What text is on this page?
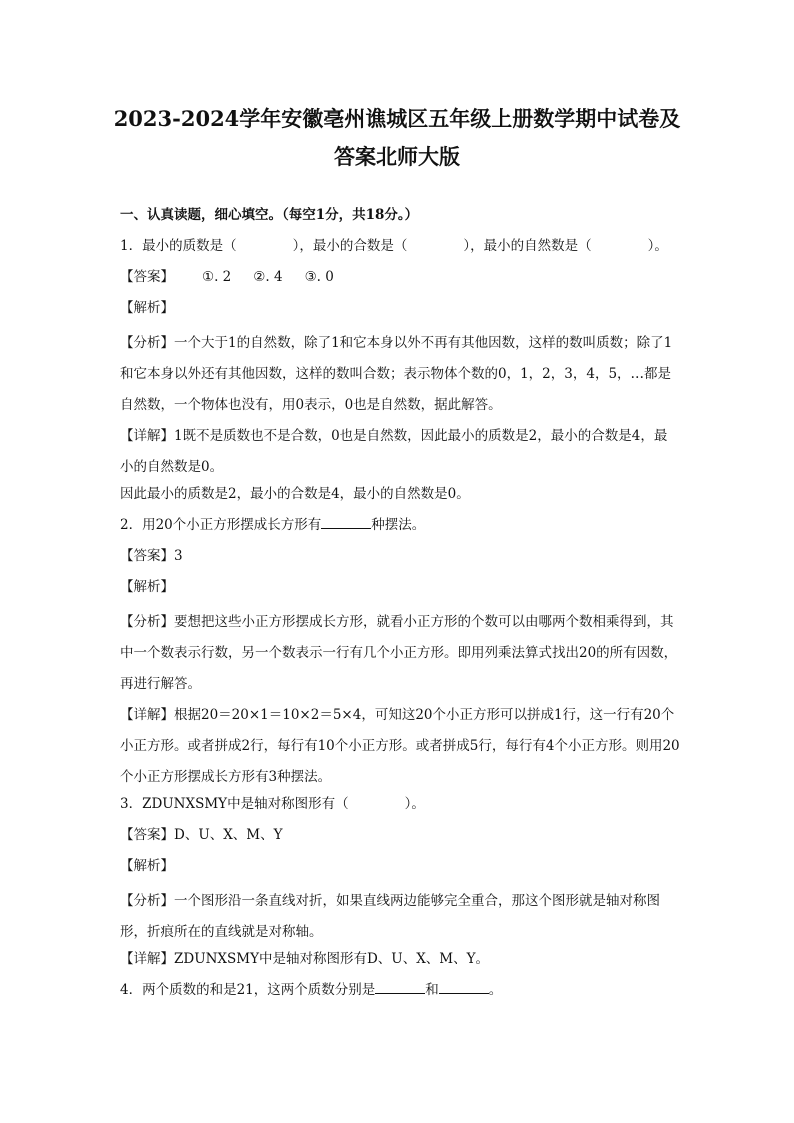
2023-2024学年安徽亳州谯城区五年级上册数学期中试卷及
答案北师大版
一、认真读题，细心填空。（每空1分，共18分。）
1．最小的质数是（	），最小的合数是（	），最小的自然数是（	）。
【答案】 ①. 2 ②. 4 ③. 0
【解析】
【分析】一个大于1的自然数，除了1和它本身以外不再有其他因数，这样的数叫质数；除了1和它本身以外还有其他因数，这样的数叫合数；表示物体个数的0，1，2，3，4，5，…都是自然数，一个物体也没有，用0表示，0也是自然数，据此解答。
【详解】1既不是质数也不是合数，0也是自然数，因此最小的质数是2，最小的合数是4，最小的自然数是0。
因此最小的质数是2，最小的合数是4，最小的自然数是0。
2．用20个小正方形摆成长方形有	种摆法。
【答案】3
【解析】
【分析】要想把这些小正方形摆成长方形，就看小正方形的个数可以由哪两个数相乘得到，其中一个数表示行数，另一个数表示一行有几个小正方形。即用列乘法算式找出20的所有因数，再进行解答。
【详解】根据20＝20×1＝10×2＝5×4，可知这20个小正方形可以拼成1行，这一行有20个小正方形。或者拼成2行，每行有10个小正方形。或者拼成5行，每行有4个小正方形。则用20个小正方形摆成长方形有3种摆法。
3．ZDUNXSMY中是轴对称图形有（	）。
【答案】D、U、X、M、Y
【解析】
【分析】一个图形沿一条直线对折，如果直线两边能够完全重合，那这个图形就是轴对称图形，折痕所在的直线就是对称轴。
【详解】ZDUNXSMY中是轴对称图形有D、U、X、M、Y。
4．两个质数的和是21，这两个质数分别是	和	。
